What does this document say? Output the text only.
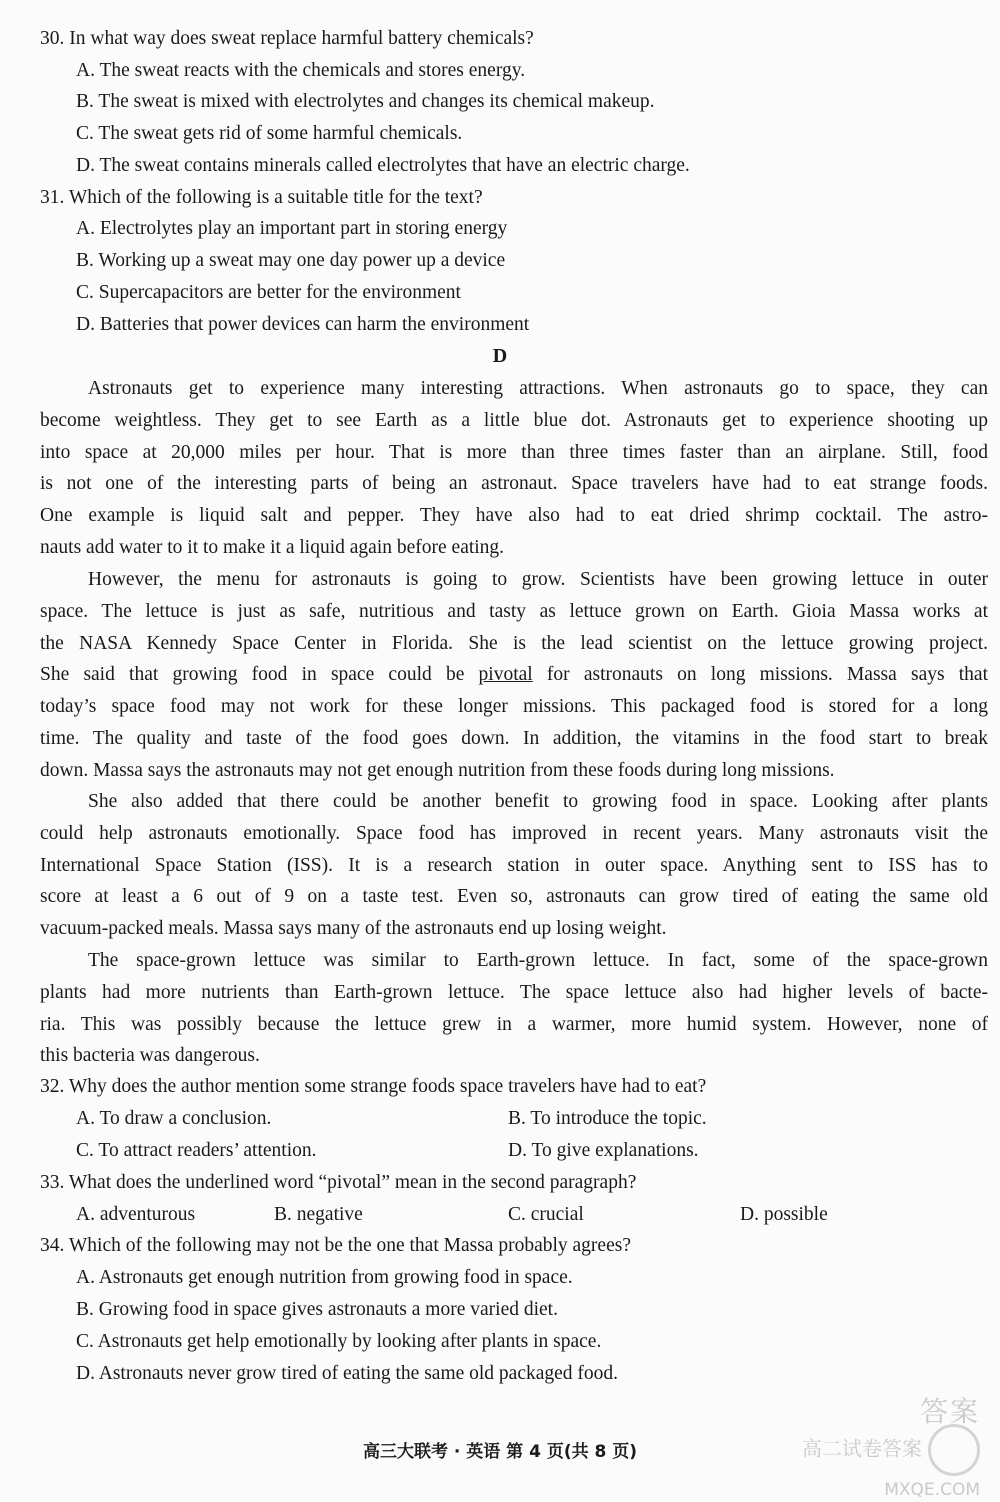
30. In what way does sweat replace harmful battery chemicals?
A. The sweat reacts with the chemicals and stores energy.
B. The sweat is mixed with electrolytes and changes its chemical makeup.
C. The sweat gets rid of some harmful chemicals.
D. The sweat contains minerals called electrolytes that have an electric charge.
31. Which of the following is a suitable title for the text?
A. Electrolytes play an important part in storing energy
B. Working up a sweat may one day power up a device
C. Supercapacitors are better for the environment
D. Batteries that power devices can harm the environment
D
Astronauts get to experience many interesting attractions. When astronauts go to space, they can
become weightless. They get to see Earth as a little blue dot. Astronauts get to experience shooting up
into space at 20,000 miles per hour. That is more than three times faster than an airplane. Still, food
is not one of the interesting parts of being an astronaut. Space travelers have had to eat strange foods.
One example is liquid salt and pepper. They have also had to eat dried shrimp cocktail. The astro-
nauts add water to it to make it a liquid again before eating.
However, the menu for astronauts is going to grow. Scientists have been growing lettuce in outer
space. The lettuce is just as safe, nutritious and tasty as lettuce grown on Earth. Gioia Massa works at
the NASA Kennedy Space Center in Florida. She is the lead scientist on the lettuce growing project.
She said that growing food in space could be pivotal for astronauts on long missions. Massa says that
today’s space food may not work for these longer missions. This packaged food is stored for a long
time. The quality and taste of the food goes down. In addition, the vitamins in the food start to break
down. Massa says the astronauts may not get enough nutrition from these foods during long missions.
She also added that there could be another benefit to growing food in space. Looking after plants
could help astronauts emotionally. Space food has improved in recent years. Many astronauts visit the
International Space Station (ISS). It is a research station in outer space. Anything sent to ISS has to
score at least a 6 out of 9 on a taste test. Even so, astronauts can grow tired of eating the same old
vacuum-packed meals. Massa says many of the astronauts end up losing weight.
The space-grown lettuce was similar to Earth-grown lettuce. In fact, some of the space-grown
plants had more nutrients than Earth-grown lettuce. The space lettuce also had higher levels of bacte-
ria. This was possibly because the lettuce grew in a warmer, more humid system. However, none of
this bacteria was dangerous.
32. Why does the author mention some strange foods space travelers have had to eat?
A. To draw a conclusion.	B. To introduce the topic.
C. To attract readers’ attention.	D. To give explanations.
33. What does the underlined word “pivotal” mean in the second paragraph?
A. adventurous	B. negative	C. crucial	D. possible
34. Which of the following may not be the one that Massa probably agrees?
A. Astronauts get enough nutrition from growing food in space.
B. Growing food in space gives astronauts a more varied diet.
C. Astronauts get help emotionally by looking after plants in space.
D. Astronauts never grow tired of eating the same old packaged food.
答案
高二试卷答案
MXQE.COM
高三大联考 · 英语 第 4 页(共 8 页)
